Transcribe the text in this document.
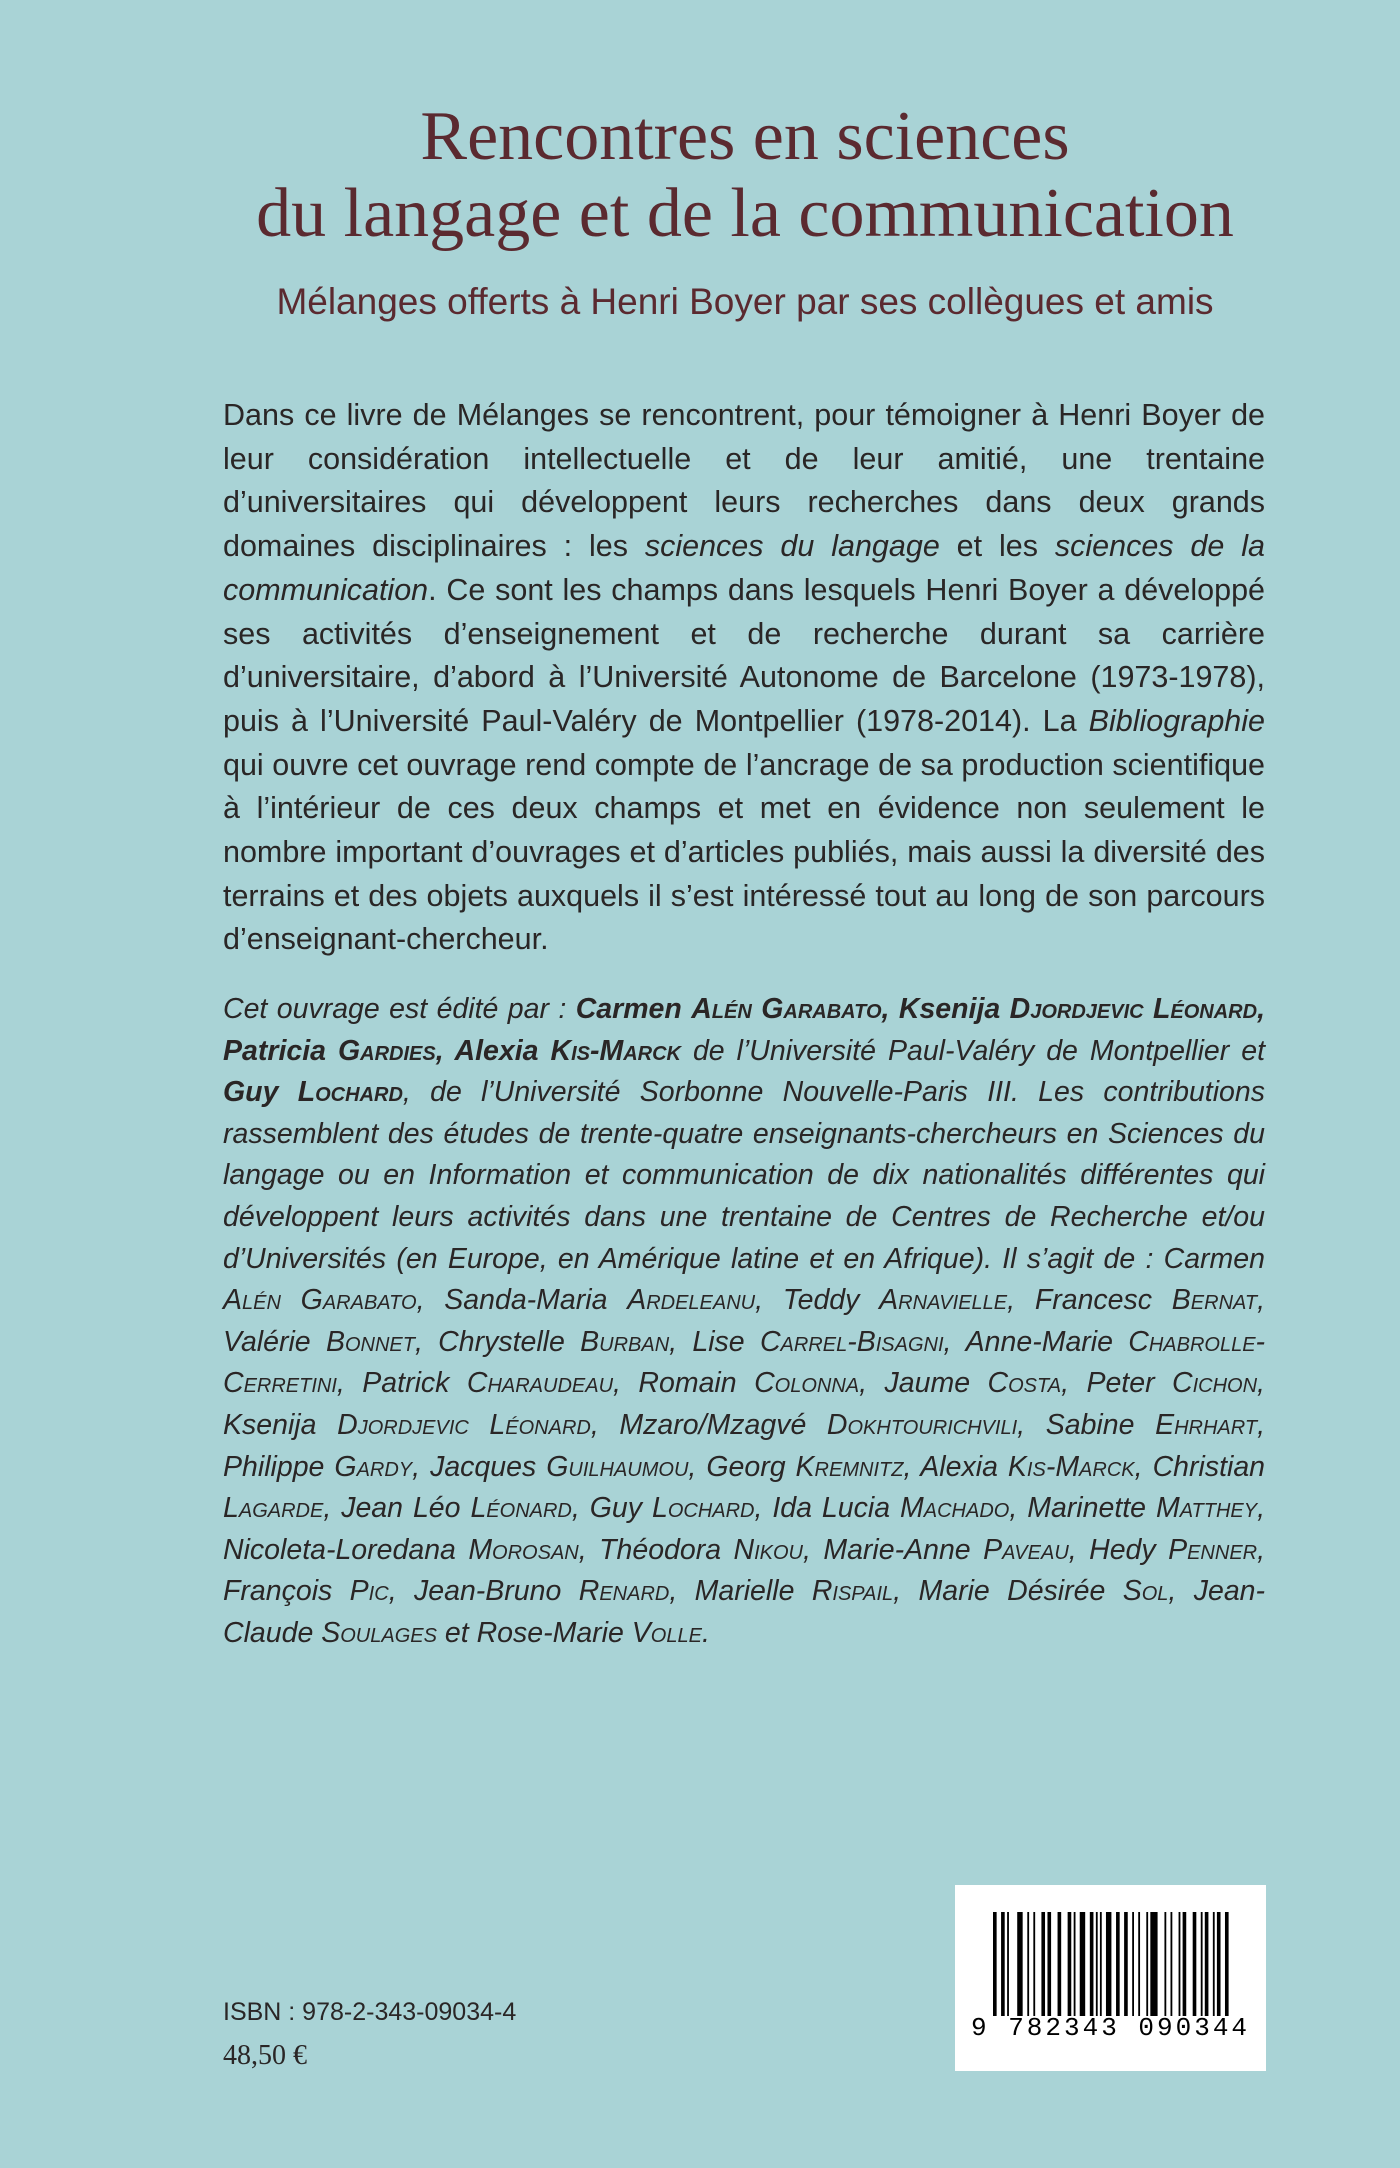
Rencontres en sciences
du langage et de la communication

Mélanges offerts à Henri Boyer par ses collègues et amis

Dans ce livre de Mélanges se rencontrent, pour témoigner à Henri Boyer de leur considération intellectuelle et de leur amitié, une trentaine d’universitaires qui développent leurs recherches dans deux grands domaines disciplinaires : les sciences du langage et les sciences de la communication. Ce sont les champs dans lesquels Henri Boyer a développé ses activités d’enseignement et de recherche durant sa carrière d’universitaire, d’abord à l’Université Autonome de Barcelone (1973-1978), puis à l’Université Paul-Valéry de Montpellier (1978-2014). La Bibliographie qui ouvre cet ouvrage rend compte de l’ancrage de sa production scientifique à l’intérieur de ces deux champs et met en évidence non seulement le nombre important d’ouvrages et d’articles publiés, mais aussi la diversité des terrains et des objets auxquels il s’est intéressé tout au long de son parcours d’enseignant-chercheur.

Cet ouvrage est édité par : Carmen Alén Garabato, Ksenija Djordjevic Léonard, Patricia Gardies, Alexia Kis-Marck de l’Université Paul-Valéry de Montpellier et Guy Lochard, de l’Université Sorbonne Nouvelle-Paris III. Les contributions rassemblent des études de trente-quatre enseignants-chercheurs en Sciences du langage ou en Information et communication de dix nationalités différentes qui développent leurs activités dans une trentaine de Centres de Recherche et/ou d’Universités (en Europe, en Amérique latine et en Afrique). Il s’agit de : Carmen Alén Garabato, Sanda-Maria Ardeleanu, Teddy Arnavielle, Francesc Bernat, Valérie Bonnet, Chrystelle Burban, Lise Carrel-Bisagni, Anne-Marie Chabrolle-Cerretini, Patrick Charaudeau, Romain Colonna, Jaume Costa, Peter Cichon, Ksenija Djordjevic Léonard, Mzaro/Mzagvé Dokhtourichvili, Sabine Ehrhart, Philippe Gardy, Jacques Guilhaumou, Georg Kremnitz, Alexia Kis-Marck, Christian Lagarde, Jean Léo Léonard, Guy Lochard, Ida Lucia Machado, Marinette Matthey, Nicoleta-Loredana Morosan, Théodora Nikou, Marie-Anne Paveau, Hedy Penner, François Pic, Jean-Bruno Renard, Marielle Rispail, Marie Désirée Sol, Jean-Claude Soulages et Rose-Marie Volle.

ISBN : 978-2-343-09034-4

48,50 €

9 782343 090344
